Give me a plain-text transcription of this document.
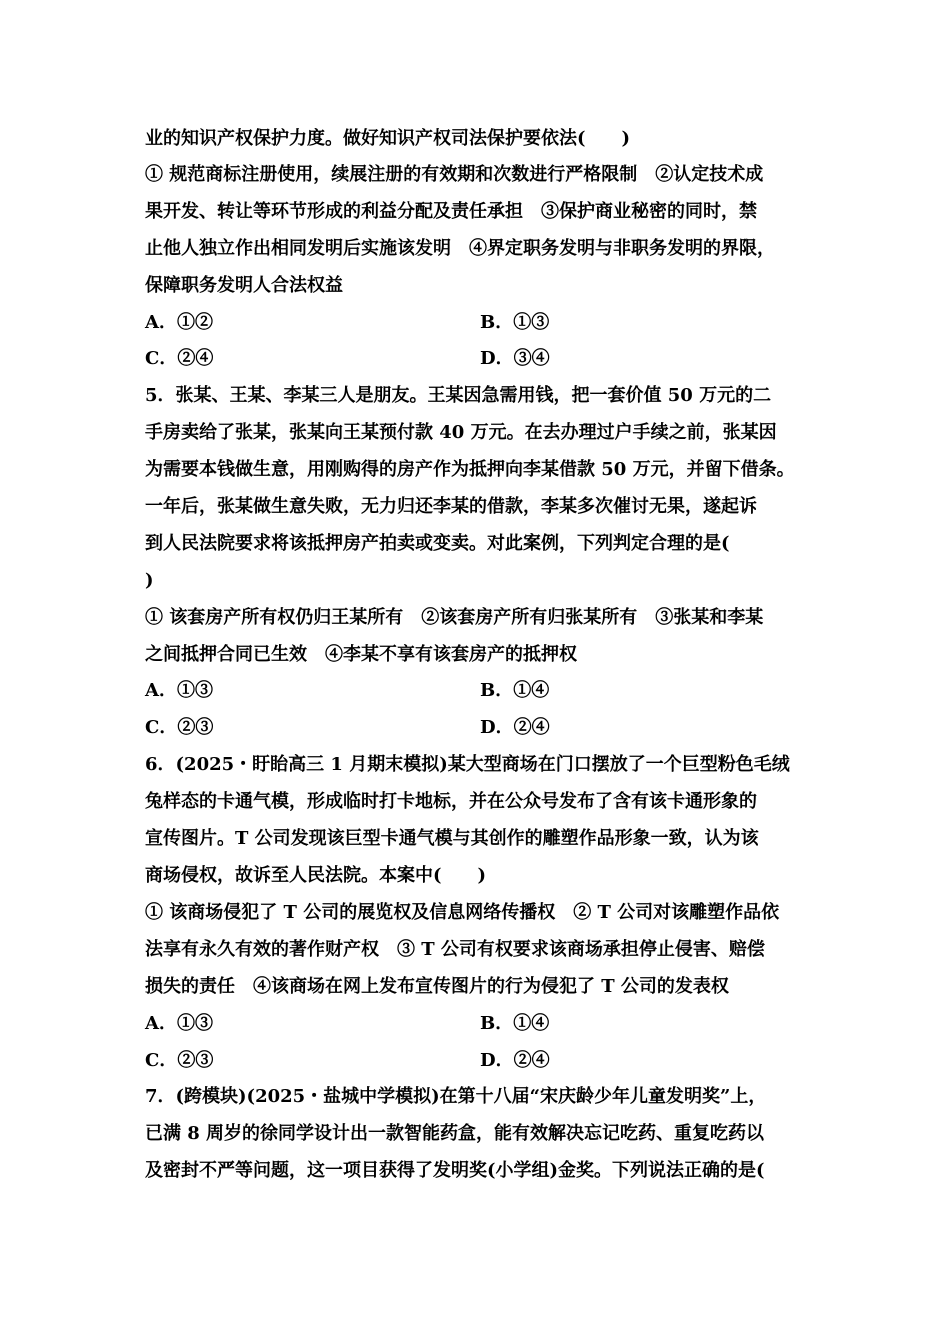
业的知识产权保护力度。做好知识产权司法保护要依法(　　)
① 规范商标注册使用，续展注册的有效期和次数进行严格限制　②认定技术成
果开发、转让等环节形成的利益分配及责任承担　③保护商业秘密的同时，禁
止他人独立作出相同发明后实施该发明　④界定职务发明与非职务发明的界限，
保障职务发明人合法权益
A．①②	B．①③
C．②④	D．③④
5．张某、王某、李某三人是朋友。王某因急需用钱，把一套价值 50 万元的二
手房卖给了张某，张某向王某预付款 40 万元。在去办理过户手续之前，张某因
为需要本钱做生意，用刚购得的房产作为抵押向李某借款 50 万元，并留下借条。
一年后，张某做生意失败，无力归还李某的借款，李某多次催讨无果，遂起诉
到人民法院要求将该抵押房产拍卖或变卖。对此案例，下列判定合理的是(
)
① 该套房产所有权仍归王某所有　②该套房产所有归张某所有　③张某和李某
之间抵押合同已生效　④李某不享有该套房产的抵押权
A．①③	B．①④
C．②③	D．②④
6．(2025・盱眙高三 1 月期末模拟)某大型商场在门口摆放了一个巨型粉色毛绒
兔样态的卡通气模，形成临时打卡地标，并在公众号发布了含有该卡通形象的
宣传图片。T 公司发现该巨型卡通气模与其创作的雕塑作品形象一致，认为该
商场侵权，故诉至人民法院。本案中(　　)
① 该商场侵犯了 T 公司的展览权及信息网络传播权　② T 公司对该雕塑作品依
法享有永久有效的著作财产权　③ T 公司有权要求该商场承担停止侵害、赔偿
损失的责任　④该商场在网上发布宣传图片的行为侵犯了 T 公司的发表权
A．①③	B．①④
C．②③	D．②④
7．(跨模块)(2025・盐城中学模拟)在第十八届“宋庆龄少年儿童发明奖”上，
已满 8 周岁的徐同学设计出一款智能药盒，能有效解决忘记吃药、重复吃药以
及密封不严等问题，这一项目获得了发明奖(小学组)金奖。下列说法正确的是(
